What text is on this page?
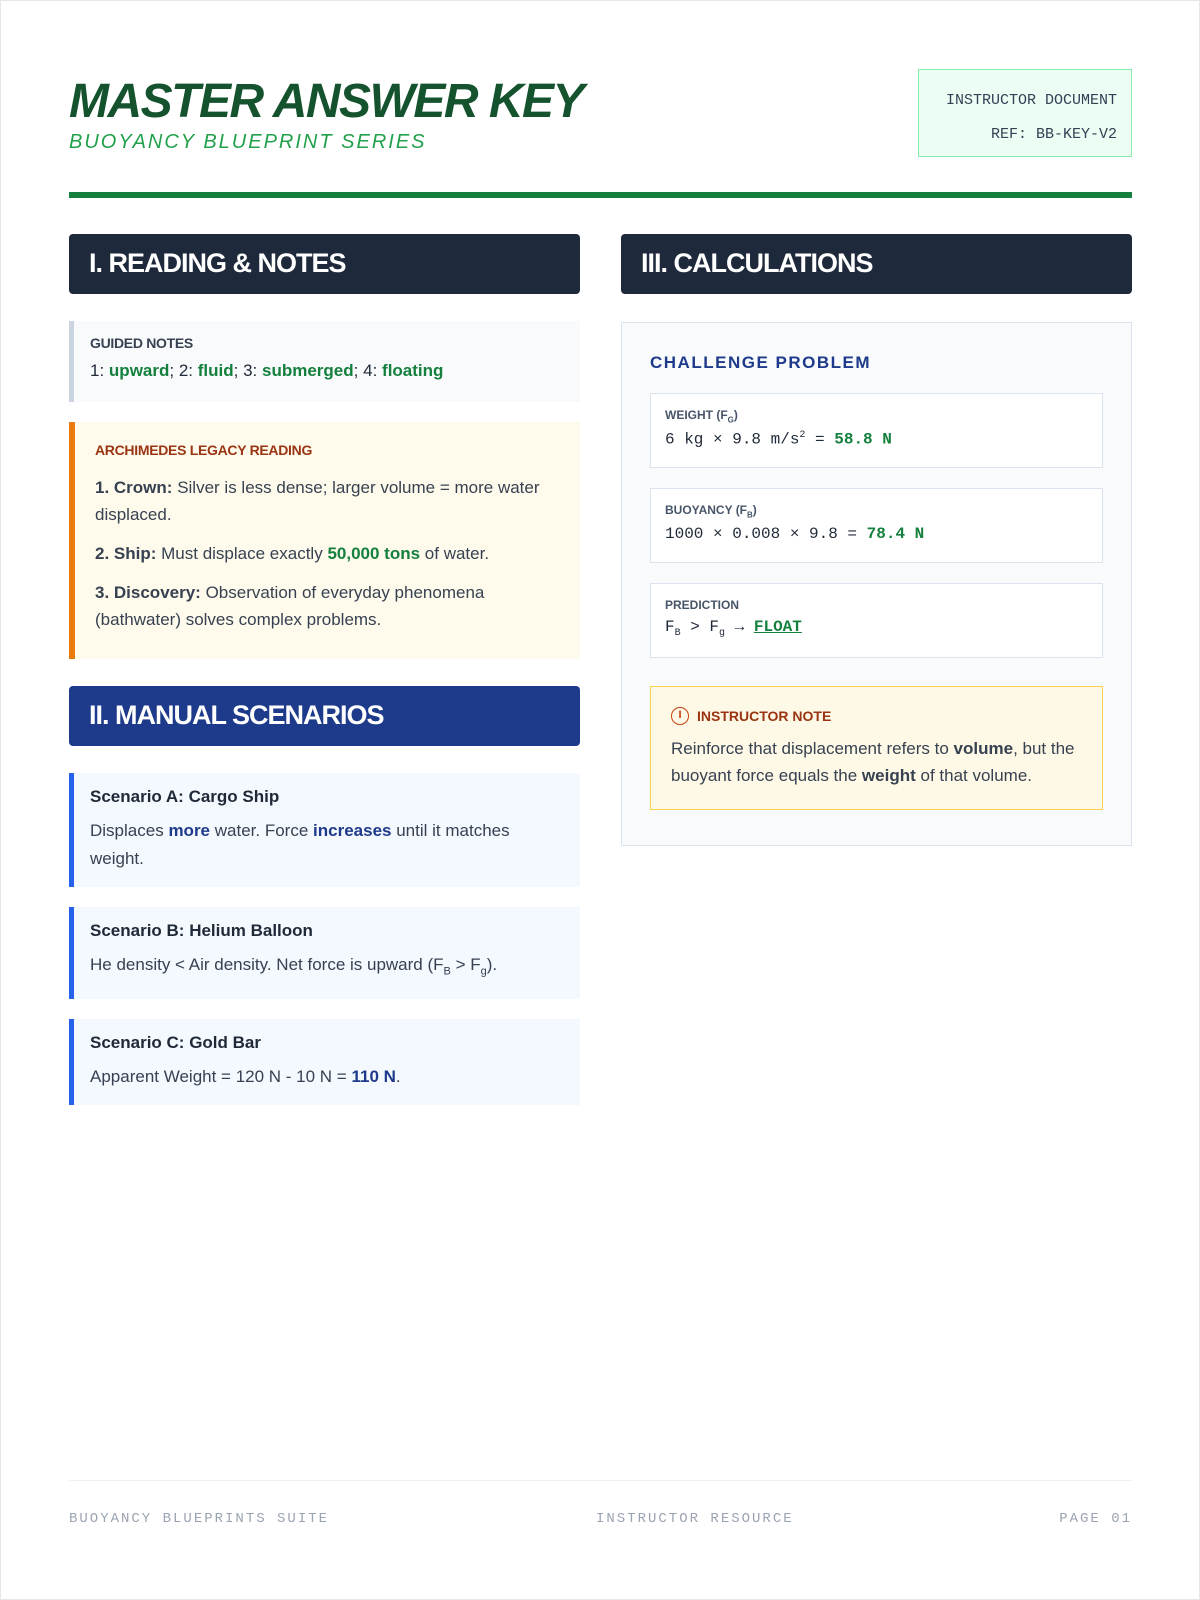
MASTER ANSWER KEY
BUOYANCY BLUEPRINT SERIES
INSTRUCTOR DOCUMENT
REF: BB-KEY-V2
I. READING & NOTES
GUIDED NOTES
1: upward; 2: fluid; 3: submerged; 4: floating
ARCHIMEDES LEGACY READING

1. Crown: Silver is less dense; larger volume = more water displaced.

2. Ship: Must displace exactly 50,000 tons of water.

3. Discovery: Observation of everyday phenomena (bathwater) solves complex problems.

II. MANUAL SCENARIOS
Scenario A: Cargo Ship
Displaces more water. Force increases until it matches weight.
Scenario B: Helium Balloon
He density < Air density. Net force is upward $(F_B > F_g)$.
Scenario C: Gold Bar
Apparent Weight = 120 N - 10 N = 110 N.
III. CALCULATIONS
CHALLENGE PROBLEM
WEIGHT $(F_G)$
6 kg × 9.8 $m/s^2 = 58.8$ N
BUOYANCY $(F_B)$
1000 × 0.008 × 9.8 = 78.4 N
PREDICTION
$F_B > F_g$ → FLOAT
I	INSTRUCTOR NOTE
Reinforce that displacement refers to volume, but the buoyant force equals the weight of that volume.
BUOYANCY BLUEPRINTS SUITE	INSTRUCTOR RESOURCE	PAGE 01
